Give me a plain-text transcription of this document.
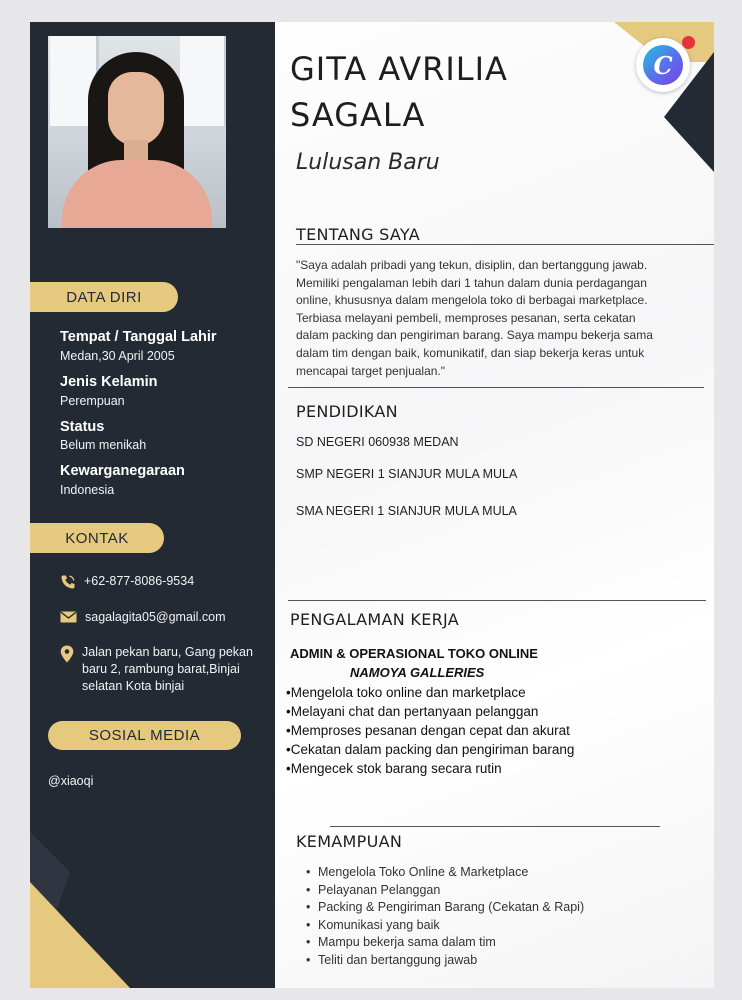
DATA DIRI
Tempat / Tanggal Lahir
Medan,30 April 2005
Jenis Kelamin
Perempuan
Status
Belum menikah
Kewarganegaraan
Indonesia
KONTAK
+62-877-8086-9534
sagalagita05@gmail.com
Jalan pekan baru, Gang pekan
baru 2, rambung barat,Binjai
selatan Kota binjai
SOSIAL MEDIA
@xiaoqi
C
GITA AVRILIA
SAGALA
Lulusan Baru
TENTANG SAYA
"Saya adalah pribadi yang tekun, disiplin, dan bertanggung jawab.
Memiliki pengalaman lebih dari 1 tahun dalam dunia perdagangan
online, khususnya dalam mengelola toko di berbagai marketplace.
Terbiasa melayani pembeli, memproses pesanan, serta cekatan
dalam packing dan pengiriman barang. Saya mampu bekerja sama
dalam tim dengan baik, komunikatif, dan siap bekerja keras untuk
mencapai target penjualan."
PENDIDIKAN
SD NEGERI 060938 MEDAN
SMP NEGERI 1 SIANJUR MULA MULA
SMA NEGERI 1 SIANJUR MULA MULA
PENGALAMAN KERJA
ADMIN & OPERASIONAL TOKO ONLINE
NAMOYA GALLERIES
• Mengelola toko online dan marketplace
• Melayani chat dan pertanyaan pelanggan
• Memproses pesanan dengan cepat dan akurat
• Cekatan dalam packing dan pengiriman barang
• Mengecek stok barang secara rutin
KEMAMPUAN
• Mengelola Toko Online & Marketplace
• Pelayanan Pelanggan
• Packing & Pengiriman Barang (Cekatan & Rapi)
• Komunikasi yang baik
• Mampu bekerja sama dalam tim
• Teliti dan bertanggung jawab
